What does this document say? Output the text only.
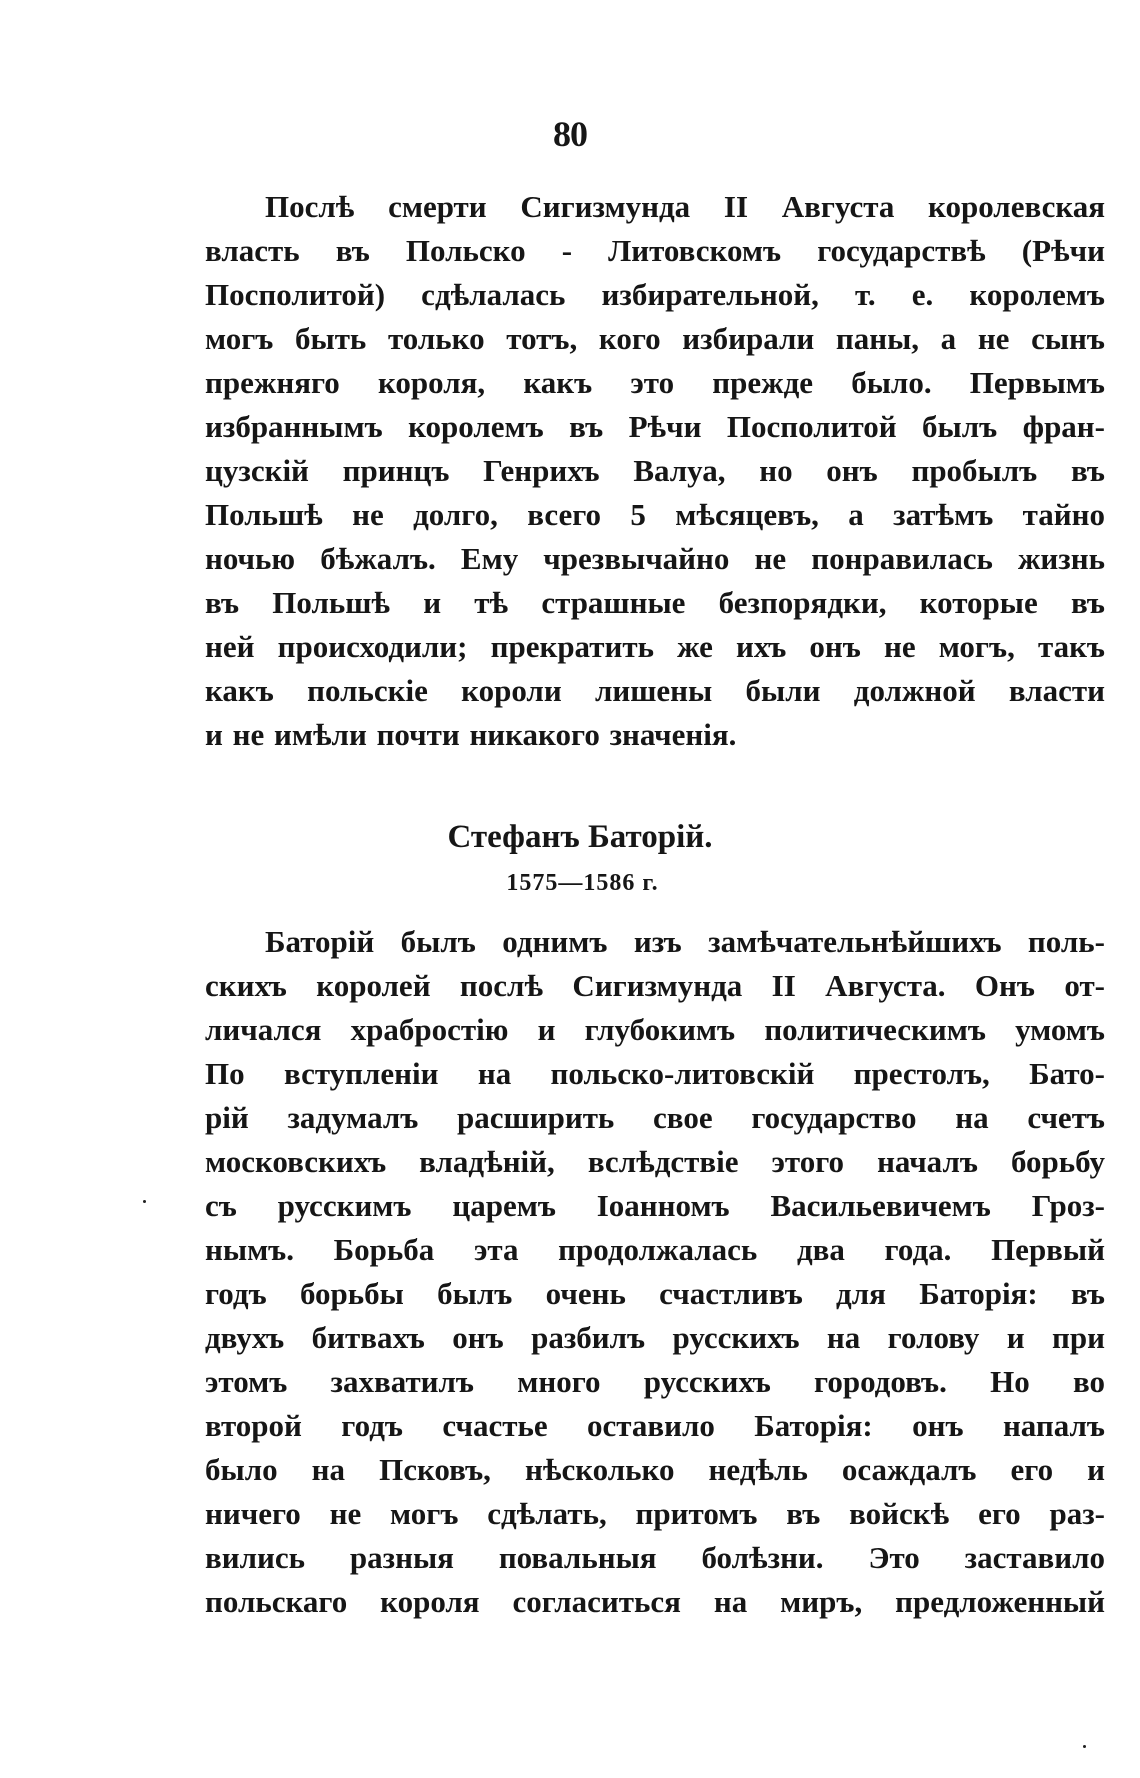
80
Послѣ смерти Сигизмунда II Августа королевская
власть въ Польско - Литовскомъ государствѣ (Рѣчи
Посполитой) сдѣлалась избирательной, т. е. королемъ
могъ быть только тотъ, кого избирали паны, а не сынъ
прежняго короля, какъ это прежде было. Первымъ
избраннымъ королемъ въ Рѣчи Посполитой былъ фран-
цузскій принцъ Генрихъ Валуа, но онъ пробылъ въ
Польшѣ не долго, всего 5 мѣсяцевъ, а затѣмъ тайно
ночью бѣжалъ. Ему чрезвычайно не понравилась жизнь
въ Польшѣ и тѣ страшные безпорядки, которые въ
ней происходили; прекратить же ихъ онъ не могъ, такъ
какъ польскіе короли лишены были должной власти
и не имѣли почти никакого значенія.
Стефанъ Баторій.
1575—1586 г.
Баторій былъ однимъ изъ замѣчательнѣйшихъ поль-
скихъ королей послѣ Сигизмунда II Августа. Онъ от-
личался храбростію и глубокимъ политическимъ умомъ
По вступленіи на польско-литовскій престолъ, Бато-
рій задумалъ расширить свое государство на счетъ
московскихъ владѣній, вслѣдствіе этого началъ борьбу
съ русскимъ царемъ Іоанномъ Васильевичемъ Гроз-
нымъ. Борьба эта продолжалась два года. Первый
годъ борьбы былъ очень счастливъ для Баторія: въ
двухъ битвахъ онъ разбилъ русскихъ на голову и при
этомъ захватилъ много русскихъ городовъ. Но во
второй годъ счастье оставило Баторія: онъ напалъ
было на Псковъ, нѣсколько недѣль осаждалъ его и
ничего не могъ сдѣлать, притомъ въ войскѣ его раз-
вились разныя повальныя болѣзни. Это заставило
польскаго короля согласиться на миръ, предложенный
